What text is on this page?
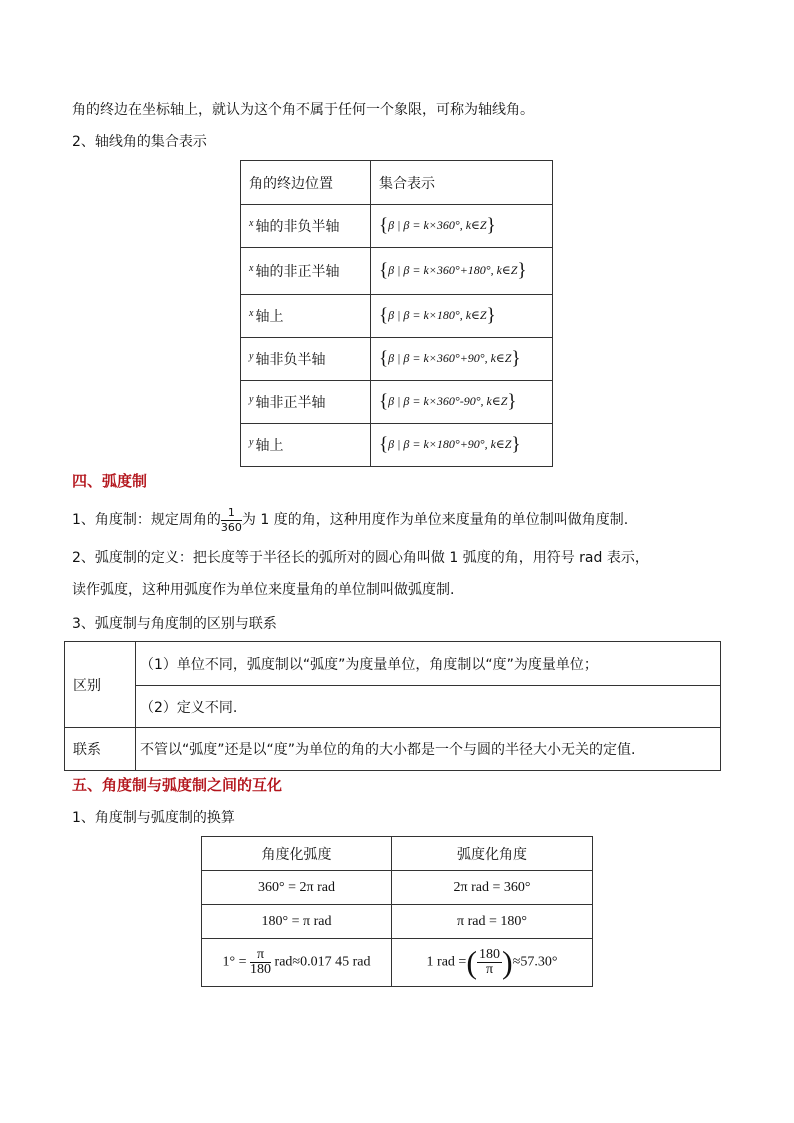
角的终边在坐标轴上，就认为这个角不属于任何一个象限，可称为轴线角。
2、轴线角的集合表示
角的终边位置	集合表示
$^x$ 轴的非负半轴	{β | β = k×360°, k∈Z}
$^x$ 轴的非正半轴	{β | β = k×360°+180°, k∈Z}
$^x$ 轴上	{β | β = k×180°, k∈Z}
$^y$ 轴非负半轴	{β | β = k×360°+90°, k∈Z}
$^y$ 轴非正半轴	{β | β = k×360°-90°, k∈Z}
$^y$ 轴上	{β | β = k×180°+90°, k∈Z}
四、弧度制
1、角度制：规定周角的 $\frac{1}{360}$ 为 1 度的角，这种用度作为单位来度量角的单位制叫做角度制.
2、弧度制的定义：把长度等于半径长的弧所对的圆心角叫做 1 弧度的角，用符号 rad 表示，
读作弧度，这种用弧度作为单位来度量角的单位制叫做弧度制.
3、弧度制与角度制的区别与联系
区别	（1）单位不同，弧度制以“弧度”为度量单位，角度制以“度”为度量单位；
	（2）定义不同.
联系	不管以“弧度”还是以“度”为单位的角的大小都是一个与圆的半径大小无关的定值.
五、角度制与弧度制之间的互化
1、角度制与弧度制的换算
角度化弧度	弧度化角度
360° = 2π rad	2π rad = 360°
180° = π rad	π rad = 180°
$1^\circ = \frac{\pi}{180} rad\approx 0.017$ 45 rad	1 rad =( $\frac{180}{\pi} )\approx 57.30^\circ$
